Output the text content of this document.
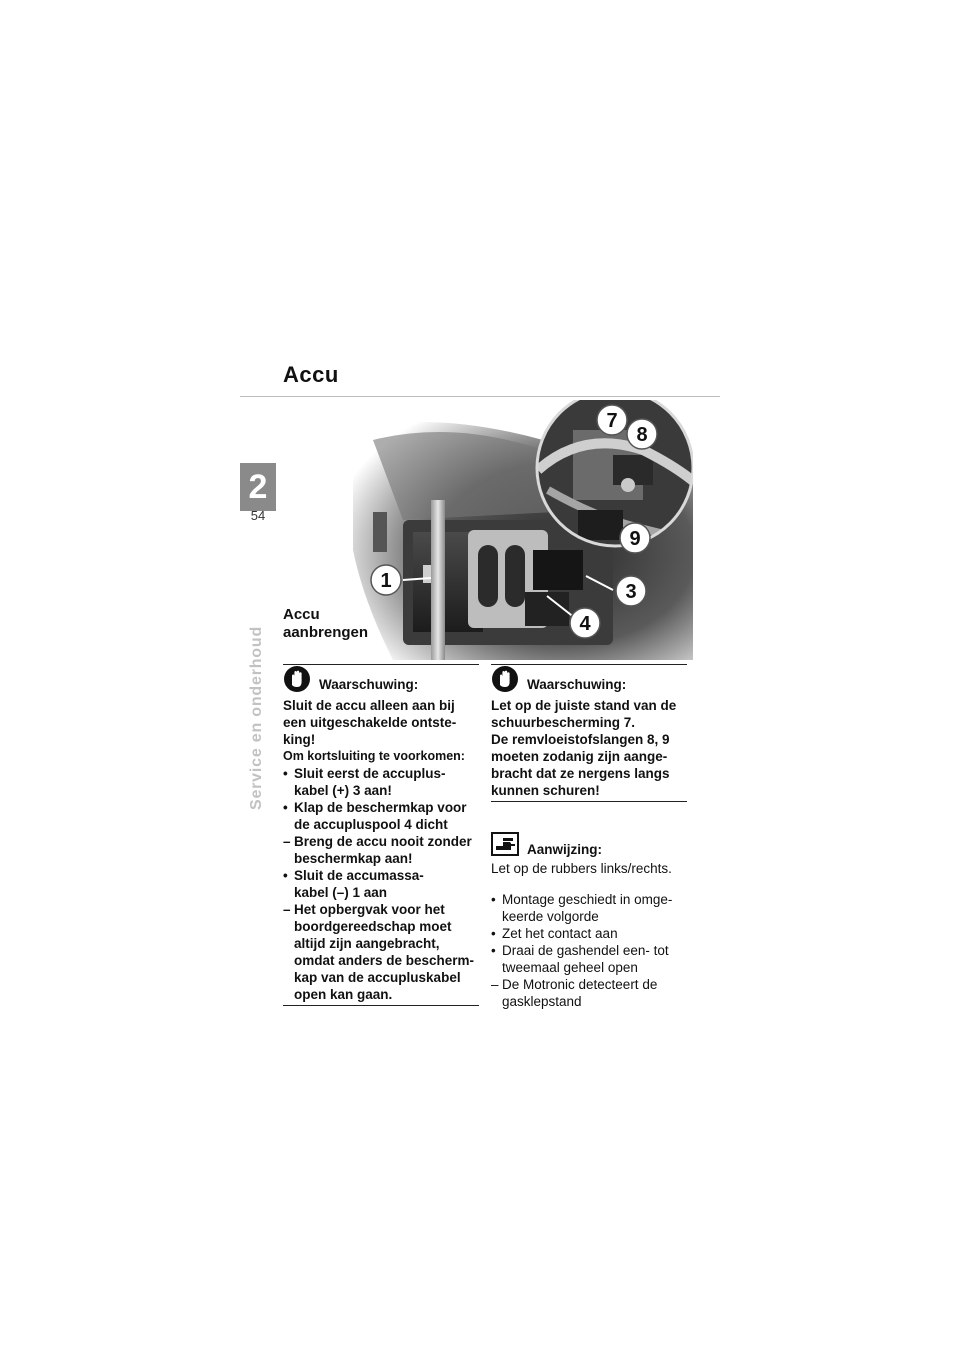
Accu
2
54
Service en onderhoud
1	3
4
7
8
9
Accu
aanbrengen
Waarschuwing:
Sluit de accu alleen aan bij
een uitgeschakelde ontste-
king!
Om kortsluiting te voorkomen:
• Sluit eerst de accuplus-
kabel (+) 3 aan!
• Klap de beschermkap voor
de accupluspool 4 dicht
– Breng de accu nooit zonder
beschermkap aan!
• Sluit de accumassa-
kabel (–) 1 aan
– Het opbergvak voor het
boordgereedschap moet
altijd zijn aangebracht,
omdat anders de bescherm-
kap van de accupluskabel
open kan gaan.
Waarschuwing:
Let op de juiste stand van de
schuurbescherming 7.
De remvloeistofslangen 8, 9
moeten zodanig zijn aange-
bracht dat ze nergens langs
kunnen schuren!
Aanwijzing:
Let op de rubbers links/rechts.
• Montage geschiedt in omge-
keerde volgorde
• Zet het contact aan
• Draai de gashendel een- tot
tweemaal geheel open
– De Motronic detecteert de
gasklepstand
